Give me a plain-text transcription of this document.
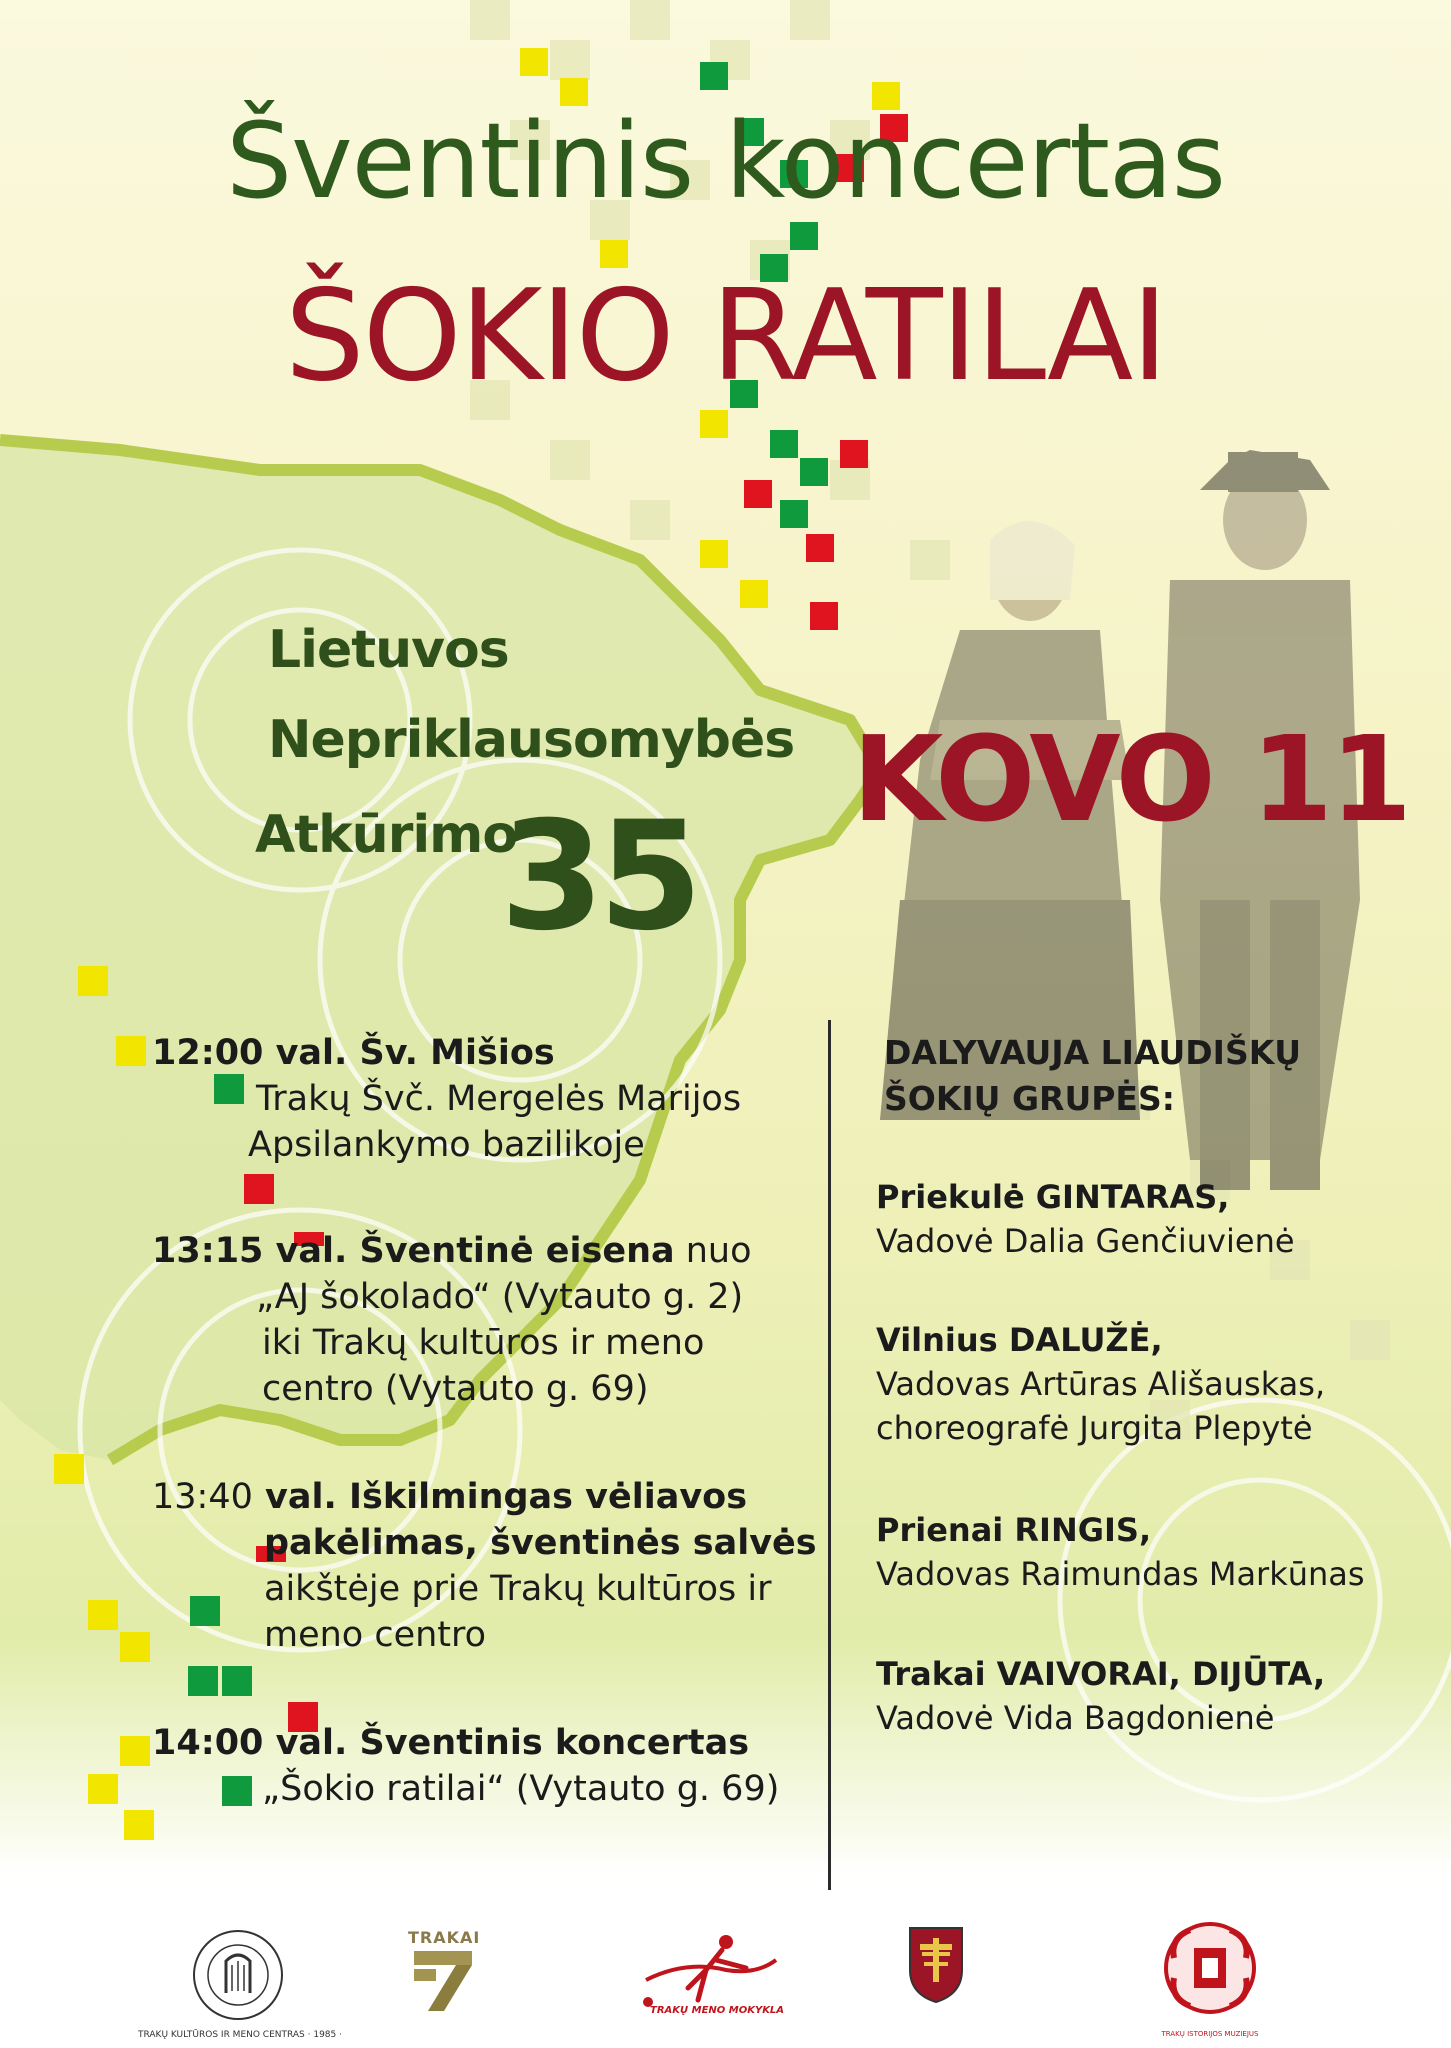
Šventinis koncertas
ŠOKIO RATILAI
Lietuvos
Nepriklausomybės
Atkūrimo
35
KOVO 11
12:00 val. Šv. Mišios
Trakų Švč. Mergelės Marijos
Apsilankymo bazilikoje
13:15 val. Šventinė eisena nuo
„AJ šokolado“ (Vytauto g. 2)
iki Trakų kultūros ir meno
centro (Vytauto g. 69)
13:40 val. Iškilmingas vėliavos
pakėlimas, šventinės salvės
aikštėje prie Trakų kultūros ir
meno centro
14:00 val. Šventinis koncertas
„Šokio ratilai“ (Vytauto g. 69)
DALYVAUJA LIAUDIŠKŲ
ŠOKIŲ GRUPĖS:
Priekulė GINTARAS,
Vadovė Dalia Genčiuvienė
Vilnius DALUŽĖ,
Vadovas Artūras Ališauskas,
choreografė Jurgita Plepytė
Prienai RINGIS,
Vadovas Raimundas Markūnas
Trakai VAIVORAI, DIJŪTA,
Vadovė Vida Bagdonienė
TRAKŲ KULTŪROS IR MENO CENTRAS · 1985 ·
TRAKAI
TRAKŲ MENO MOKYKLA
TRAKŲ ISTORIJOS MUZIEJUS
